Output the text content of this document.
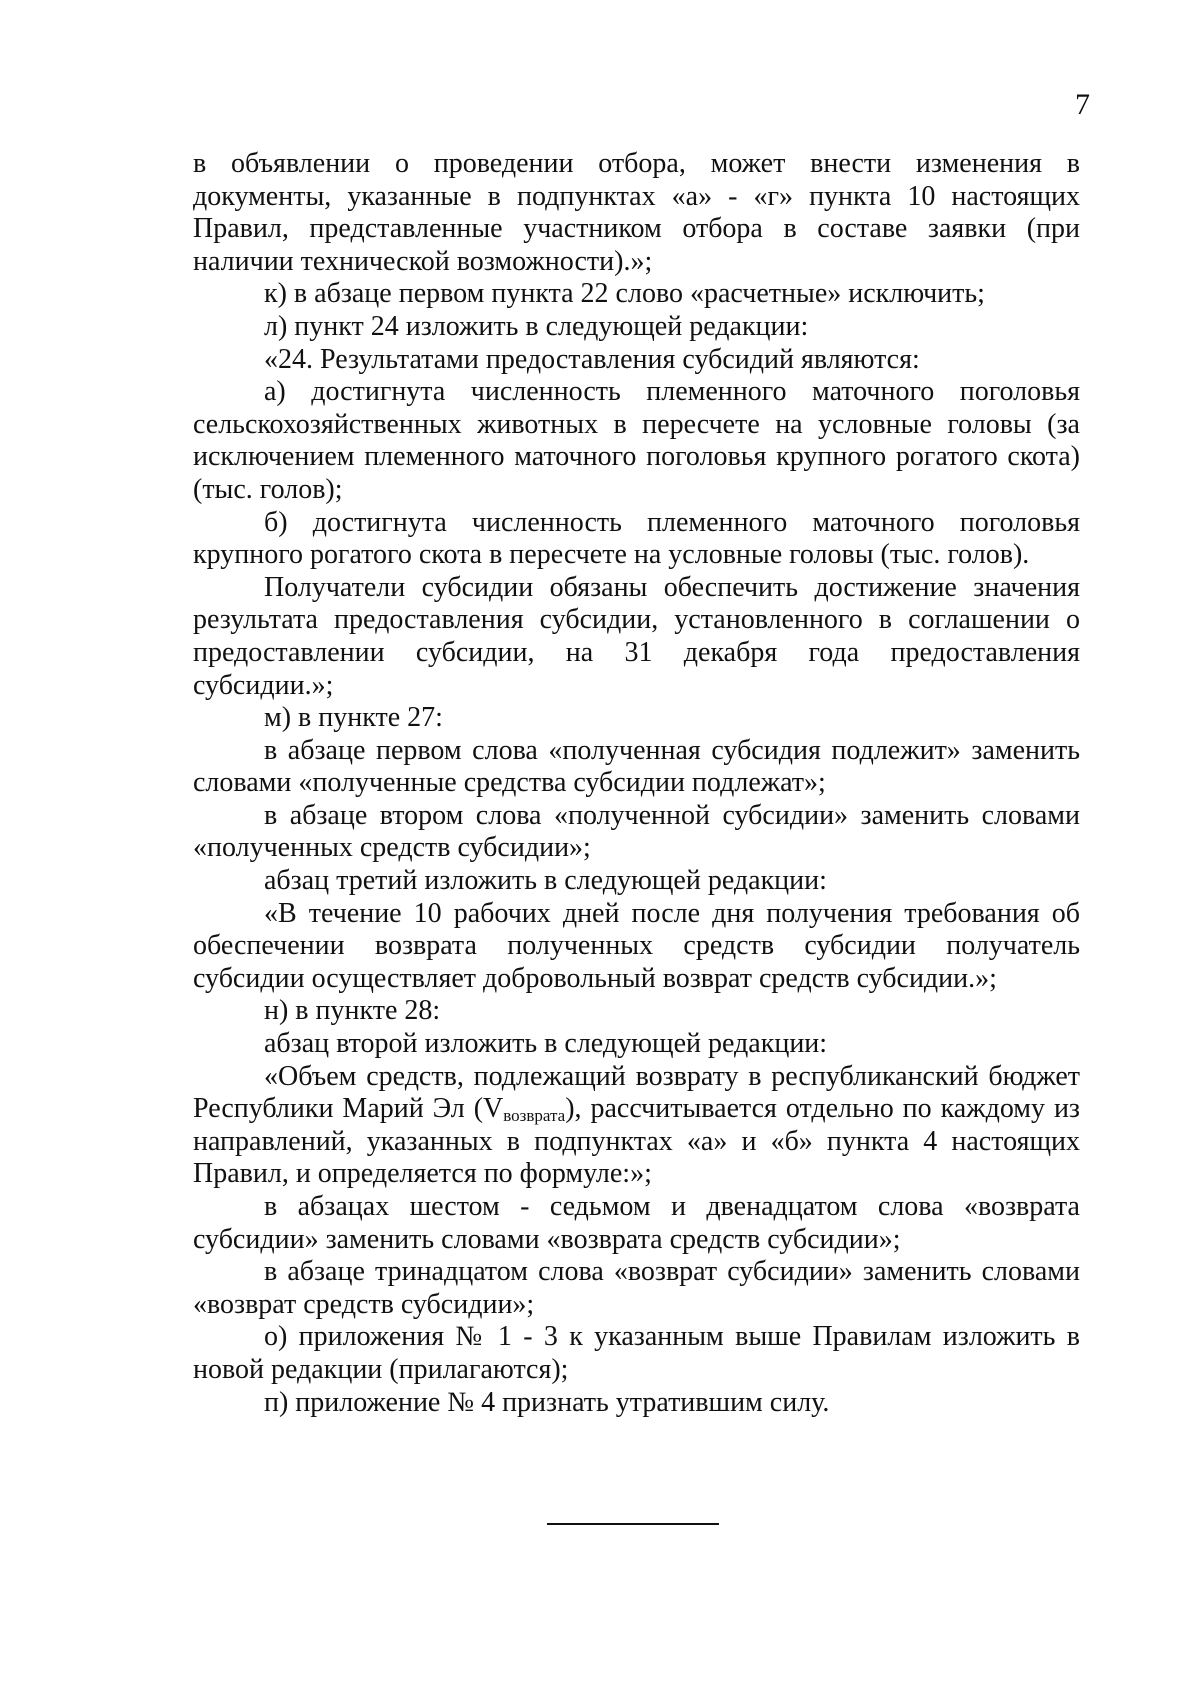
7

в объявлении о проведении отбора, может внести изменения в документы, указанные в подпунктах «а» - «г» пункта 10 настоящих Правил, представленные участником отбора в составе заявки (при наличии технической возможности).»;

к) в абзаце первом пункта 22 слово «расчетные» исключить;

л) пункт 24 изложить в следующей редакции:

«24. Результатами предоставления субсидий являются:

а) достигнута численность племенного маточного поголовья сельскохозяйственных животных в пересчете на условные головы (за исключением племенного маточного поголовья крупного рогатого скота) (тыс. голов);

б) достигнута численность племенного маточного поголовья крупного рогатого скота в пересчете на условные головы (тыс. голов).

Получатели субсидии обязаны обеспечить достижение значения результата предоставления субсидии, установленного в соглашении о предоставлении субсидии, на 31 декабря года предоставления субсидии.»;

м) в пункте 27:

в абзаце первом слова «полученная субсидия подлежит» заменить словами «полученные средства субсидии подлежат»;

в абзаце втором слова «полученной субсидии» заменить словами «полученных средств субсидии»;

абзац третий изложить в следующей редакции:

«В течение 10 рабочих дней после дня получения требования об обеспечении возврата полученных средств субсидии получатель субсидии осуществляет добровольный возврат средств субсидии.»;

н) в пункте 28:

абзац второй изложить в следующей редакции:

«Объем средств, подлежащий возврату в республиканский бюджет Республики Марий Эл $(V_{возврата})$, рассчитывается отдельно по каждому из направлений, указанных в подпунктах «а» и «б» пункта 4 настоящих Правил, и определяется по формуле:»;

в абзацах шестом - седьмом и двенадцатом слова «возврата субсидии» заменить словами «возврата средств субсидии»;

в абзаце тринадцатом слова «возврат субсидии» заменить словами «возврат средств субсидии»;

о) приложения № 1 - 3 к указанным выше Правилам изложить в новой редакции (прилагаются);

п) приложение № 4 признать утратившим силу.
